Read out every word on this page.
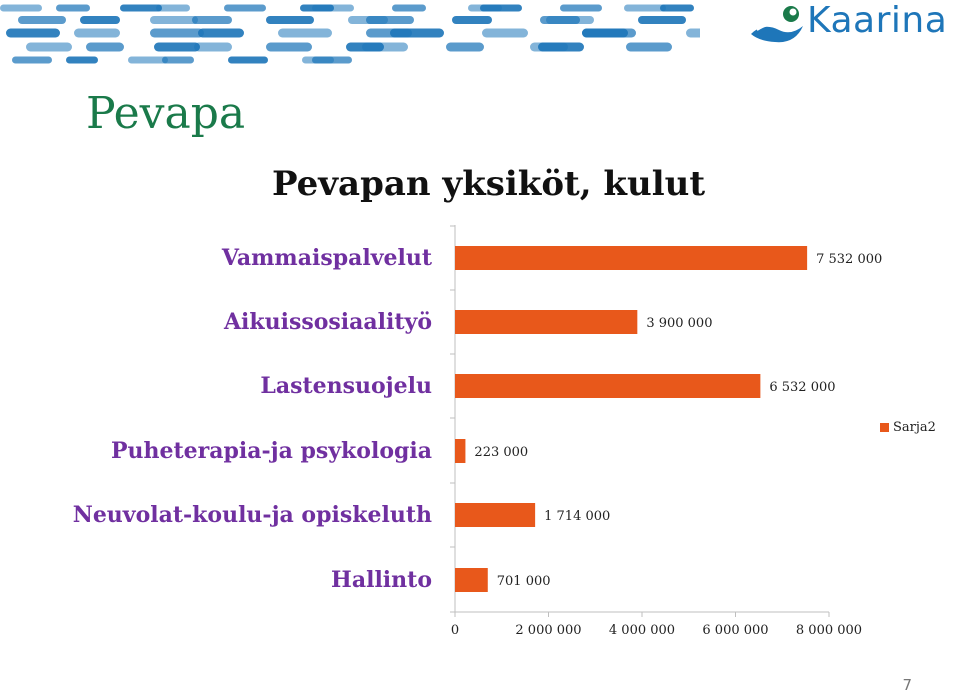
Kaarina
Pevapa
Pevapan yksiköt, kulut
Vammaispalvelut
Aikuissosiaalityö
Lastensuojelu
Puheterapia-ja psykologia
Neuvolat-koulu-ja opiskeluth
Hallinto
7 532 000
3 900 000
6 532 000
223 000
1 714 000
701 000
0	2 000 000 4 000 000 6 000 000 8 000 000
Sarja2
7
